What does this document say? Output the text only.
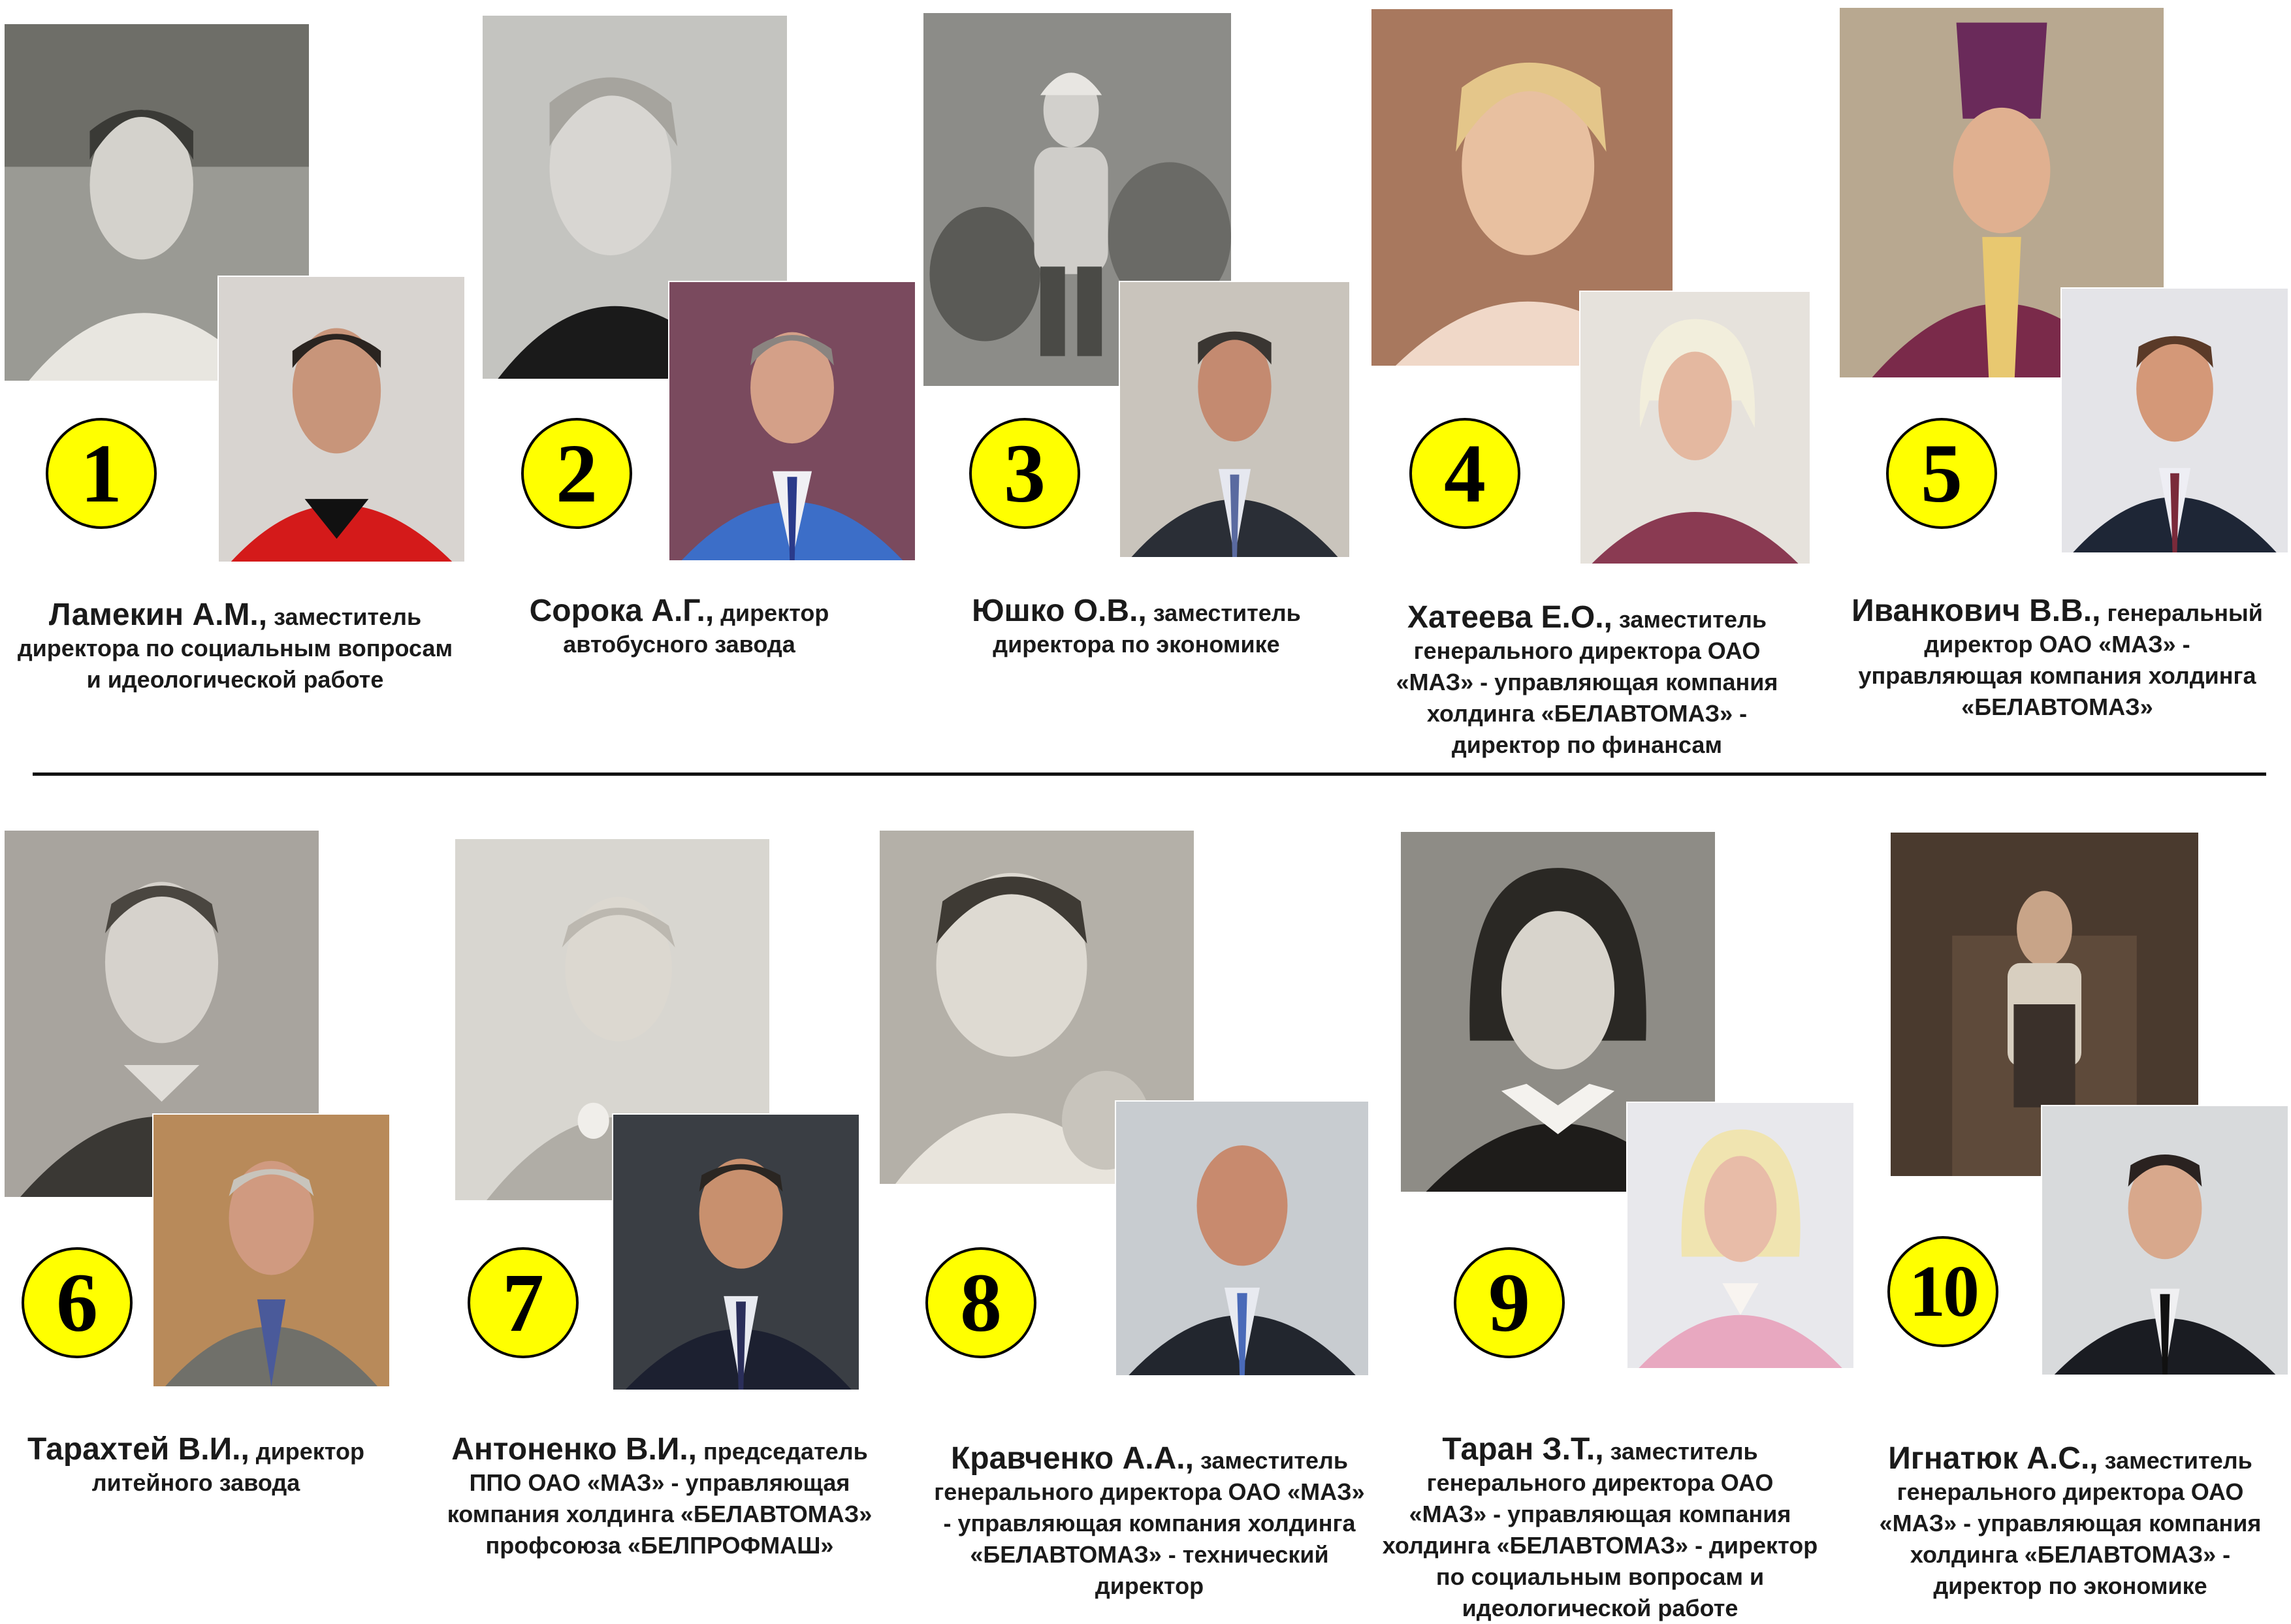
1
Ламекин А.М., заместитель
директора по социальным вопросам
и идеологической работе
2
Сорока А.Г., директор
автобусного завода
3
Юшко О.В., заместитель
директора по экономике
4
Хатеева Е.О., заместитель
генерального директора ОАО
«МАЗ» - управляющая компания
холдинга «БЕЛАВТОМАЗ» -
директор по финансам
5
Иванкович В.В., генеральный
директор ОАО «МАЗ» -
управляющая компания холдинга
«БЕЛАВТОМАЗ»
6
Тарахтей В.И., директор
литейного завода
7
Антоненко В.И., председатель
ППО ОАО «МАЗ» - управляющая
компания холдинга «БЕЛАВТОМАЗ»
профсоюза «БЕЛПРОФМАШ»
8
Кравченко А.А., заместитель
генерального директора ОАО «МАЗ»
- управляющая компания холдинга
«БЕЛАВТОМАЗ» - технический
директор
9
Таран З.Т., заместитель
генерального директора ОАО
«МАЗ» - управляющая компания
холдинга «БЕЛАВТОМАЗ» - директор
по социальным вопросам и
идеологической работе
10
Игнатюк А.С., заместитель
генерального директора ОАО
«МАЗ» - управляющая компания
холдинга «БЕЛАВТОМАЗ» -
директор по экономике
